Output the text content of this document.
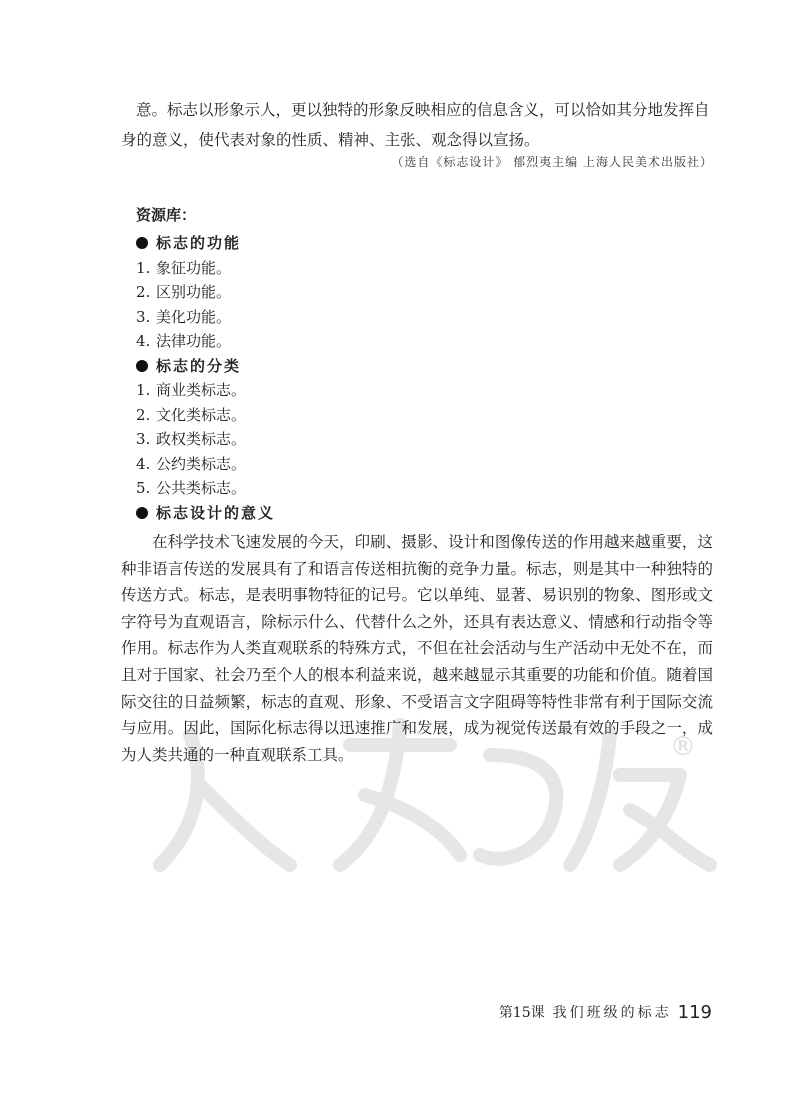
意。标志以形象示人，更以独特的形象反映相应的信息含义，可以恰如其分地发挥自身的意义，使代表对象的性质、精神、主张、观念得以宣扬。

（选自《标志设计》 郁烈夷主编 上海人民美术出版社）

®
资源库：
标志的功能
1. 象征功能。
2. 区别功能。
3. 美化功能。
4. 法律功能。
标志的分类
1. 商业类标志。
2. 文化类标志。
3. 政权类标志。
4. 公约类标志。
5. 公共类标志。
标志设计的意义

在科学技术飞速发展的今天，印刷、摄影、设计和图像传送的作用越来越重要，这种非语言传送的发展具有了和语言传送相抗衡的竞争力量。标志，则是其中一种独特的传送方式。标志，是表明事物特征的记号。它以单纯、显著、易识别的物象、图形或文字符号为直观语言，除标示什么、代替什么之外，还具有表达意义、情感和行动指令等作用。标志作为人类直观联系的特殊方式，不但在社会活动与生产活动中无处不在，而且对于国家、社会乃至个人的根本利益来说，越来越显示其重要的功能和价值。随着国际交往的日益频繁，标志的直观、形象、不受语言文字阻碍等特性非常有利于国际交流与应用。因此，国际化标志得以迅速推广和发展，成为视觉传送最有效的手段之一，成为人类共通的一种直观联系工具。

第15课 我们班级的标志 119
